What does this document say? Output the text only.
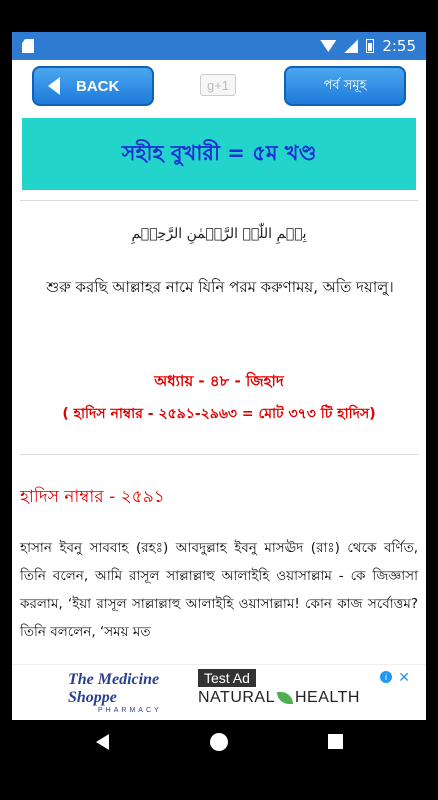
2:55
BACK	g+1	পর্ব সমূহ
সহীহ বুখারী = ৫ম খণ্ড
بِسۡمِ اللّٰہِ الرَّحۡمٰنِ الرَّحِیۡمِ
শুরু করছি আল্লাহর নামে যিনি পরম করুণাময়, অতি দয়ালু।
অধ্যায় - ৪৮ - জিহাদ
( হাদিস নাম্বার - ২৫৯১-২৯৬৩ = মোট ৩৭৩ টি হাদিস)
হাদিস নাম্বার - ২৫৯১
হাসান ইবনু সাববাহ (রহঃ) আবদুল্লাহ ইবনু মাসঊদ (রাঃ) থেকে বর্ণিত, তিনি বলেন, আমি রাসূল সাল্লাল্লাহু আলাইহি ওয়াসাল্লাম - কে জিজ্ঞাসা করলাম, ‘ইয়া রাসূল সাল্লাল্লাহু আলাইহি ওয়াসাল্লাম! কোন কাজ সর্বোত্তম? তিনি বললেন, ‘সময় মত
The Medicine Shoppe
PHARMACY
Test Ad
NATURAL HEALTH
i ✕
